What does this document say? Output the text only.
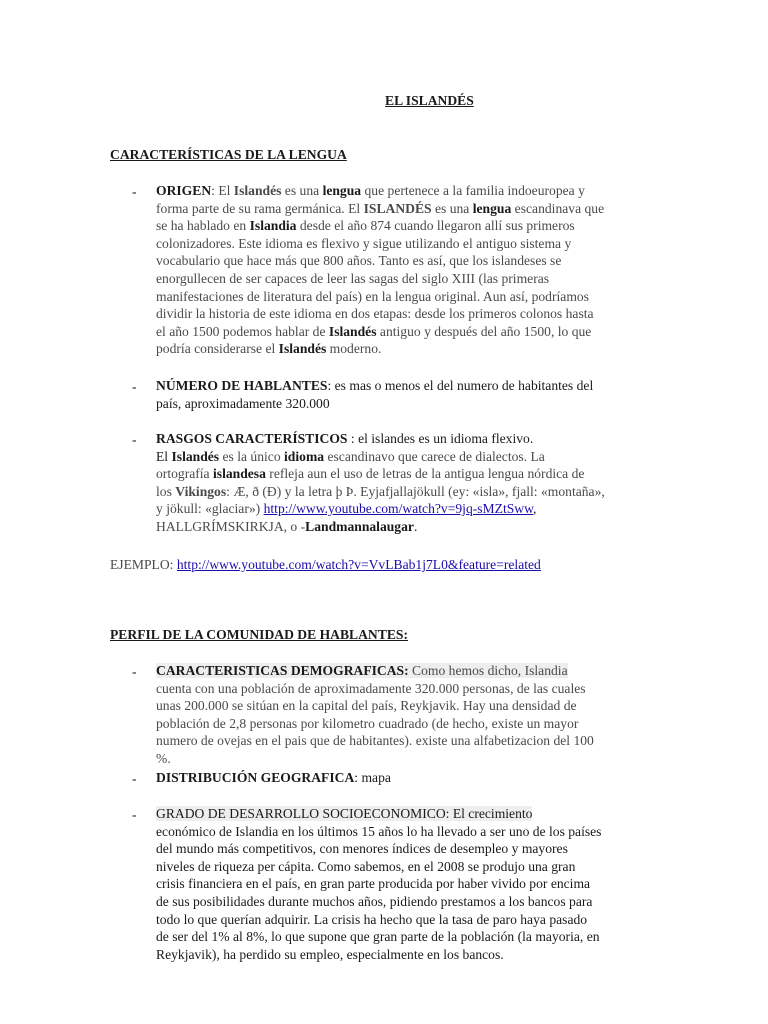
EL ISLANDÉS
CARACTERÍSTICAS DE LA LENGUA
- ORIGEN: El Islandés es una lengua que pertenece a la familia indoeuropea y
forma parte de su rama germánica. El ISLANDÉS es una lengua escandinava que
se ha hablado en Islandia desde el año 874 cuando llegaron allí sus primeros
colonizadores. Este idioma es flexivo y sigue utilizando el antiguo sistema y
vocabulario que hace más que 800 años. Tanto es así, que los islandeses se
enorgullecen de ser capaces de leer las sagas del siglo XIII (las primeras
manifestaciones de literatura del país) en la lengua original. Aun así, podríamos
dividir la historia de este idioma en dos etapas: desde los primeros colonos hasta
el año 1500 podemos hablar de Islandés antiguo y después del año 1500, lo que
podría considerarse el Islandés moderno.
- NÚMERO DE HABLANTES: es mas o menos el del numero de habitantes del
país, aproximadamente 320.000
- RASGOS CARACTERÍSTICOS : el islandes es un idioma flexivo.
El Islandés es la único idioma escandinavo que carece de dialectos. La
ortografía islandesa refleja aun el uso de letras de la antigua lengua nórdica de
los Vikingos: Æ, ð (Ð) y la letra þ Þ. Eyjafjallajökull (ey: «isla», fjall: «montaña»,
y jökull: «glaciar») http://www.youtube.com/watch?v=9jq-sMZtSww,
HALLGRÍMSKIRKJA, o -Landmannalaugar.
EJEMPLO: http://www.youtube.com/watch?v=VvLBab1j7L0&feature=related
PERFIL DE LA COMUNIDAD DE HABLANTES:
- CARACTERISTICAS DEMOGRAFICAS: Como hemos dicho, Islandia
cuenta con una población de aproximadamente 320.000 personas, de las cuales
unas 200.000 se sitúan en la capital del país, Reykjavik. Hay una densidad de
población de 2,8 personas por kilometro cuadrado (de hecho, existe un mayor
numero de ovejas en el pais que de habitantes). existe una alfabetizacion del 100
%.
- DISTRIBUCIÓN GEOGRAFICA: mapa
- GRADO DE DESARROLLO SOCIOECONOMICO: El crecimiento
económico de Islandia en los últimos 15 años lo ha llevado a ser uno de los países
del mundo más competitivos, con menores índices de desempleo y mayores
niveles de riqueza per cápita. Como sabemos, en el 2008 se produjo una gran
crisis financiera en el país, en gran parte producida por haber vivido por encima
de sus posibilidades durante muchos años, pidiendo prestamos a los bancos para
todo lo que querían adquirir. La crisis ha hecho que la tasa de paro haya pasado
de ser del 1% al 8%, lo que supone que gran parte de la población (la mayoria, en
Reykjavik), ha perdido su empleo, especialmente en los bancos.
